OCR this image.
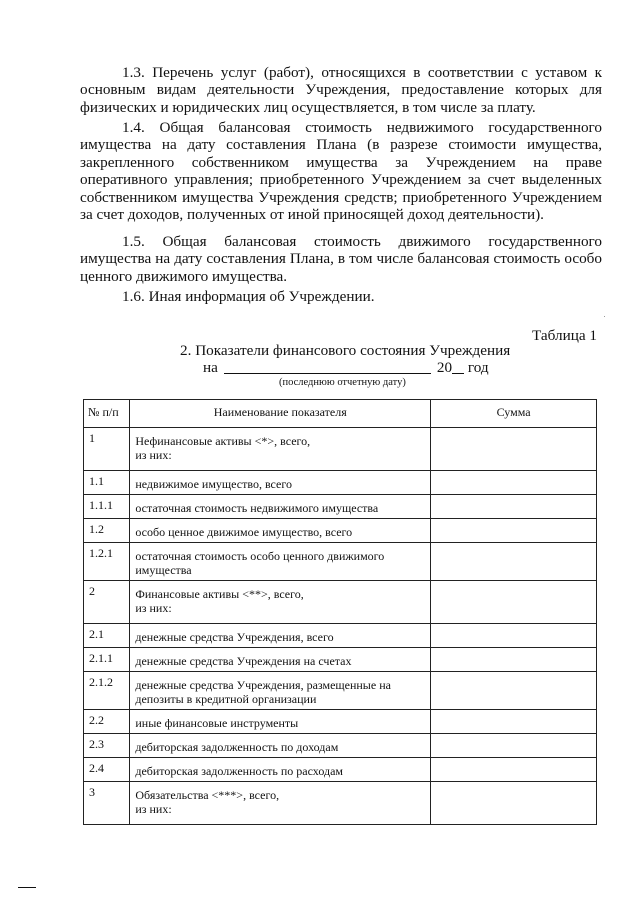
1.3. Перечень услуг (работ), относящихся в соответствии с уставом к основным видам деятельности Учреждения, предоставление которых для физических и юридических лиц осуществляется, в том числе за плату.

1.4. Общая балансовая стоимость недвижимого государственного имущества на дату составления Плана (в разрезе стоимости имущества, закрепленного собственником имущества за Учреждением на праве оперативного управления; приобретенного Учреждением за счет выделенных собственником имущества Учреждения средств; приобретенного Учреждением за счет доходов, полученных от иной приносящей доход деятельности).

1.5. Общая балансовая стоимость движимого государственного имущества на дату составления Плана, в том числе балансовая стоимость особо ценного движимого имущества.

1.6. Иная информация об Учреждении.

Таблица 1
2. Показатели финансового состояния Учреждения
на	20 год
(последнюю отчетную дату)
№ п/п	Наименование показателя	Сумма
1	Нефинансовые активы <*>, всего,
из них:	
1.1	недвижимое имущество, всего	
1.1.1	остаточная стоимость недвижимого имущества	
1.2	особо ценное движимое имущество, всего	
1.2.1	остаточная стоимость особо ценного движимого имущества	
2	Финансовые активы <**>, всего,
из них:	
2.1	денежные средства Учреждения, всего	
2.1.1	денежные средства Учреждения на счетах	
2.1.2	денежные средства Учреждения, размещенные на депозиты в кредитной организации	
2.2	иные финансовые инструменты	
2.3	дебиторская задолженность по доходам	
2.4	дебиторская задолженность по расходам	
3	Обязательства <***>, всего,
из них:	
